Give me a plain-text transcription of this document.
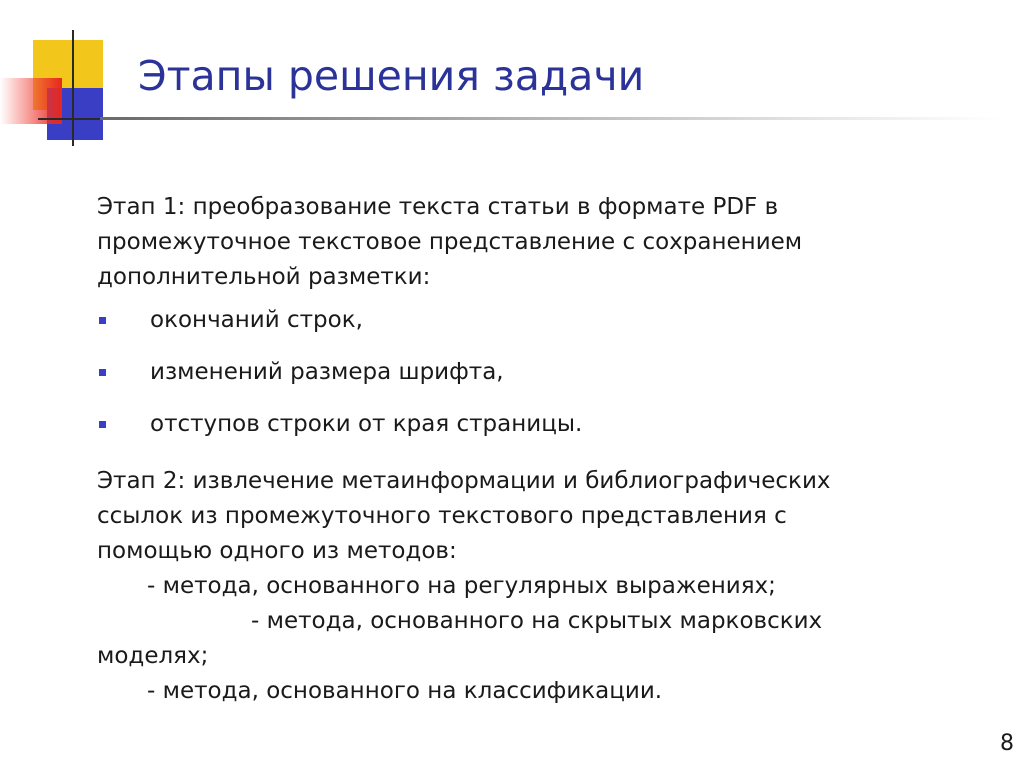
Этапы решения задачи

Этап 1: преобразование текста статьи в формате PDF в
промежуточное текстовое представление с сохранением
дополнительной разметки:

окончаний строк,
изменений размера шрифта,
отступов строки от края страницы.

Этап 2: извлечение метаинформации и библиографических
ссылок из промежуточного текстового представления с
помощью одного из методов:
- метода, основанного на регулярных выражениях;
- метода, основанного на скрытых марковских
моделях;
- метода, основанного на классификации.

8
